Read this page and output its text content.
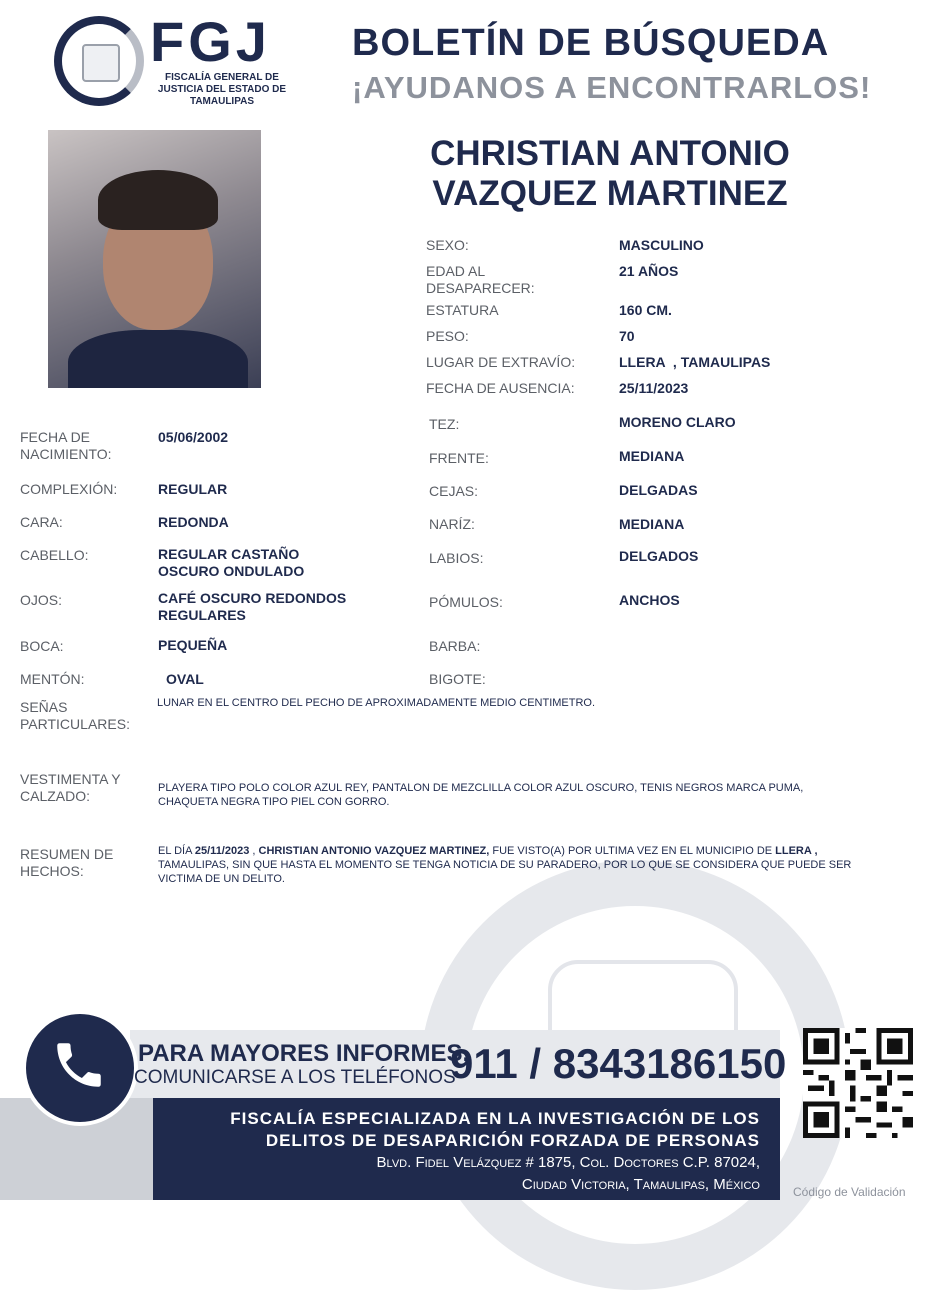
FGJ
FISCALÍA GENERAL DE JUSTICIA DEL ESTADO DE TAMAULIPAS
BOLETÍN DE BÚSQUEDA
¡AYUDANOS A ENCONTRARLOS!
CHRISTIAN ANTONIO
VAZQUEZ MARTINEZ
SEXO:	MASCULINO
EDAD AL DESAPARECER:
21 AÑOS
ESTATURA	160 CM.
PESO:	70
LUGAR DE EXTRAVÍO:	LLERA  , TAMAULIPAS
FECHA DE AUSENCIA:	25/11/2023
TEZ:	MORENO CLARO
FRENTE:	MEDIANA
CEJAS:	DELGADAS
NARÍZ:	MEDIANA
LABIOS:	DELGADOS
PÓMULOS:	ANCHOS
BARBA:
BIGOTE:
FECHA DE NACIMIENTO:
05/06/2002
COMPLEXIÓN:	REGULAR
CARA:	REDONDA
CABELLO:	REGULAR CASTAÑO OSCURO ONDULADO
OJOS:	CAFÉ OSCURO REDONDOS REGULARES
BOCA:	PEQUEÑA
MENTÓN:	OVAL
SEÑAS PARTICULARES:
LUNAR EN EL CENTRO DEL PECHO DE APROXIMADAMENTE MEDIO CENTIMETRO.
VESTIMENTA Y CALZADO:	PLAYERA TIPO POLO COLOR AZUL REY, PANTALON DE MEZCLILLA COLOR AZUL OSCURO, TENIS NEGROS MARCA PUMA, CHAQUETA NEGRA TIPO PIEL CON GORRO.
RESUMEN DE HECHOS:
EL DÍA 25/11/2023 , CHRISTIAN ANTONIO VAZQUEZ MARTINEZ, FUE VISTO(A) POR ULTIMA VEZ EN EL MUNICIPIO DE LLERA , TAMAULIPAS, SIN QUE HASTA EL MOMENTO SE TENGA NOTICIA DE SU PARADERO, POR LO QUE SE CONSIDERA QUE PUEDE SER VICTIMA DE UN DELITO.
PARA MAYORES INFORMES,
COMUNICARSE A LOS TELÉFONOS
911 / 8343186150
FISCALÍA ESPECIALIZADA EN LA INVESTIGACIÓN DE LOS
DELITOS DE DESAPARICIÓN FORZADA DE PERSONAS
Blvd. Fidel Velázquez # 1875, Col. Doctores C.P. 87024,
Ciudad Victoria, Tamaulipas, México	Código de Validación
